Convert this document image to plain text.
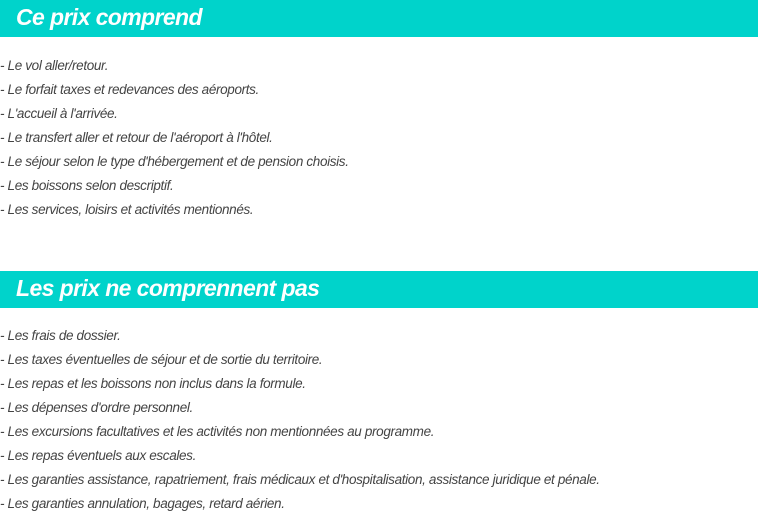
Ce prix comprend
- Le vol aller/retour.
- Le forfait taxes et redevances des aéroports.
- L'accueil à l'arrivée.
- Le transfert aller et retour de l'aéroport à l'hôtel.
- Le séjour selon le type d'hébergement et de pension choisis.
- Les boissons selon descriptif.
- Les services, loisirs et activités mentionnés.
Les prix ne comprennent pas
- Les frais de dossier.
- Les taxes éventuelles de séjour et de sortie du territoire.
- Les repas et les boissons non inclus dans la formule.
- Les dépenses d'ordre personnel.
- Les excursions facultatives et les activités non mentionnées au programme.
- Les repas éventuels aux escales.
- Les garanties assistance, rapatriement, frais médicaux et d'hospitalisation, assistance juridique et pénale.
- Les garanties annulation, bagages, retard aérien.
